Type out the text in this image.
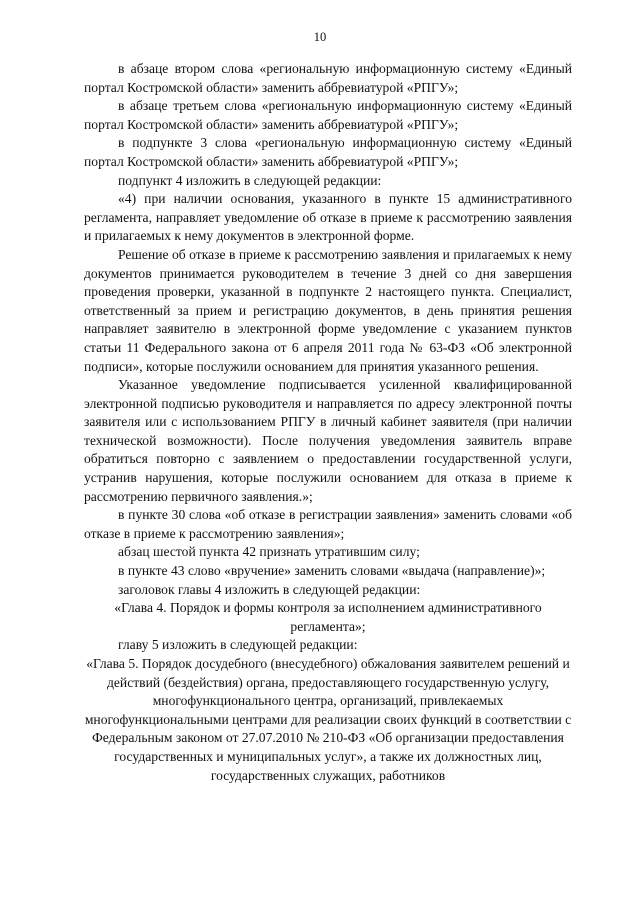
10

в абзаце втором слова «региональную информационную систему «Единый портал Костромской области» заменить аббревиатурой «РПГУ»;

в абзаце третьем слова «региональную информационную систему «Единый портал Костромской области» заменить аббревиатурой «РПГУ»;

в подпункте 3 слова «региональную информационную систему «Единый портал Костромской области» заменить аббревиатурой «РПГУ»;

подпункт 4 изложить в следующей редакции:

«4) при наличии основания, указанного в пункте 15 административного регламента, направляет уведомление об отказе в приеме к рассмотрению заявления и прилагаемых к нему документов в электронной форме.

Решение об отказе в приеме к рассмотрению заявления и прилагаемых к нему документов принимается руководителем в течение 3 дней со дня завершения проведения проверки, указанной в подпункте 2 настоящего пункта. Специалист, ответственный за прием и регистрацию документов, в день принятия решения направляет заявителю в электронной форме уведомление с указанием пунктов статьи 11 Федерального закона от 6 апреля 2011 года № 63-ФЗ «Об электронной подписи», которые послужили основанием для принятия указанного решения.

Указанное уведомление подписывается усиленной квалифицированной электронной подписью руководителя и направляется по адресу электронной почты заявителя или с использованием РПГУ в личный кабинет заявителя (при наличии технической возможности). После получения уведомления заявитель вправе обратиться повторно с заявлением о предоставлении государственной услуги, устранив нарушения, которые послужили основанием для отказа в приеме к рассмотрению первичного заявления.»;

в пункте 30 слова «об отказе в регистрации заявления» заменить словами «об отказе в приеме к рассмотрению заявления»;

абзац шестой пункта 42 признать утратившим силу;

в пункте 43 слово «вручение» заменить словами «выдача (направление)»;

заголовок главы 4 изложить в следующей редакции:

«Глава 4. Порядок и формы контроля за исполнением административного регламента»;

главу 5 изложить в следующей редакции:

«Глава 5. Порядок досудебного (внесудебного) обжалования заявителем решений и действий (бездействия) органа, предоставляющего государственную услугу, многофункционального центра, организаций, привлекаемых многофункциональными центрами для реализации своих функций в соответствии с Федеральным законом от 27.07.2010 № 210-ФЗ «Об организации предоставления государственных и муниципальных услуг», а также их должностных лиц, государственных служащих, работников
